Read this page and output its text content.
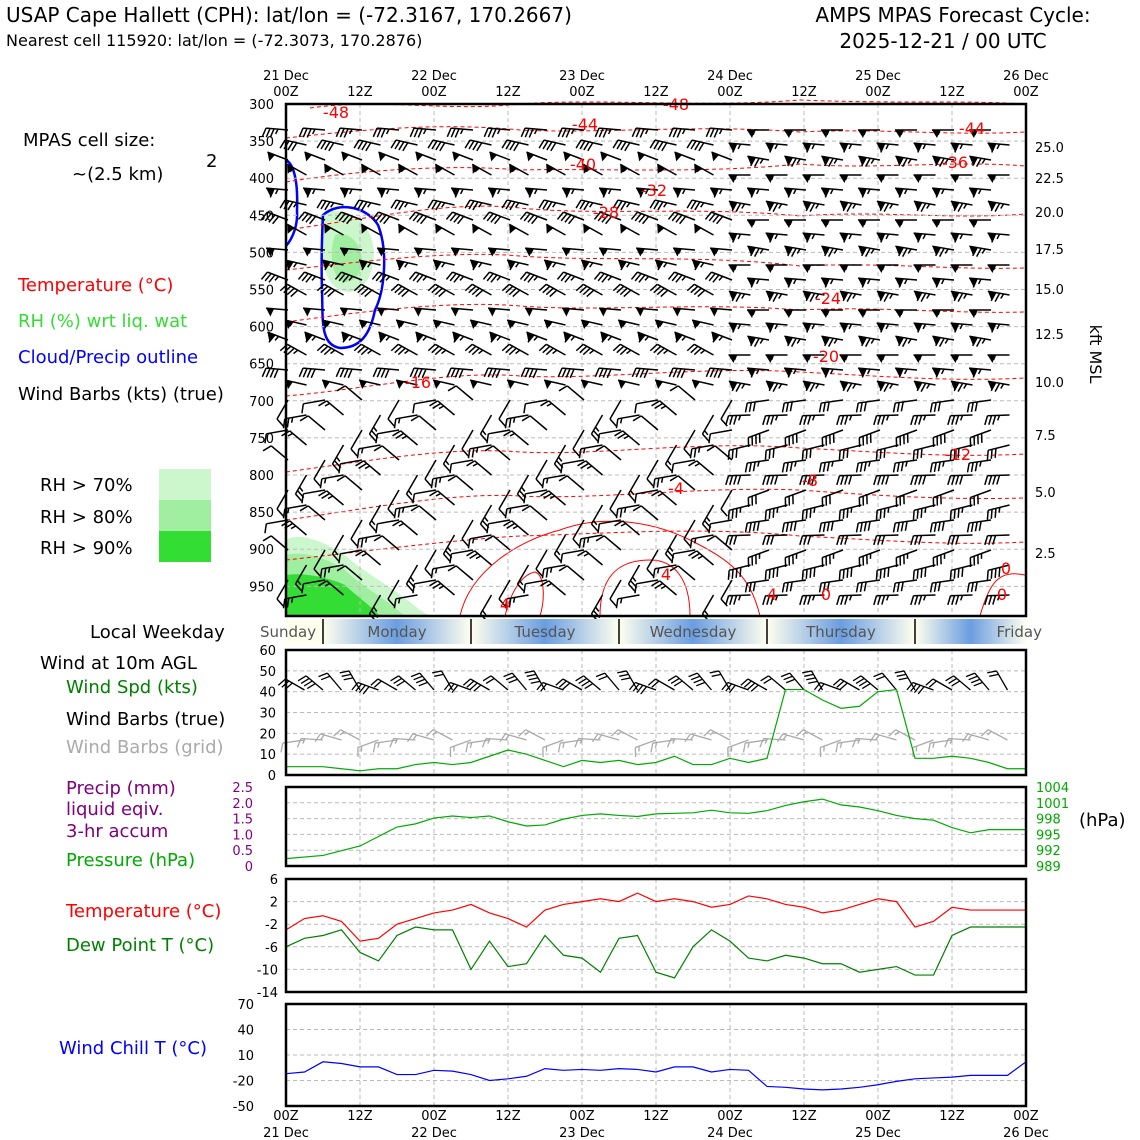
USAP Cape Hallett (CPH): lat/lon = (-72.3167, 170.2667)
Nearest cell 115920: lat/lon = (-72.3073, 170.2876)
AMPS MPAS Forecast Cycle:
2025-12-21 / 00 UTC
MPAS cell size:
~(2.5 km)
2
Temperature (°C)
RH (%) wrt liq. wat
Cloud/Precip outline
Wind Barbs (kts) (true)
RH > 70%
RH > 80%
RH > 90%
Local Weekday
Wind at 10m AGL
Wind Spd (kts)
Wind Barbs (true)
Wind Barbs (grid)
Precip (mm)
liquid eqiv.
3-hr accum
Pressure (hPa)
Temperature (°C)
Dew Point T (°C)
Wind Chill T (°C)
21 Dec
00Z	12Z
22 Dec
00Z	12Z
23 Dec
00Z	12Z
24 Dec
00Z	12Z
25 Dec
00Z	12Z
26 Dec
00Z
00Z
21 Dec
12Z	00Z
22 Dec
12Z	00Z
23 Dec
12Z	00Z
24 Dec
12Z	00Z
25 Dec
12Z	00Z
26 Dec
300
350
400
450
500
550
600
650
700
750
800
850
900
950
25.0
22.5
20.0
17.5
15.0
12.5
10.0
7.5
5.0
2.5
-48	-48
-44	-44
-40	-36
-32
-28
-24
-20
-16
-12
-8
-4
4
4
4	0
0
0
60
50
40
30
20
10
0
2.5
2.0
1.5
1.0
0.5
0
1004
1001
998
995
992
989
6
2
-2
-6
-10
-14
70
40
10
-20
-50
Sunday	Monday	Tuesday	Wednesday	Thursday	Friday
kft MSL
(hPa)
